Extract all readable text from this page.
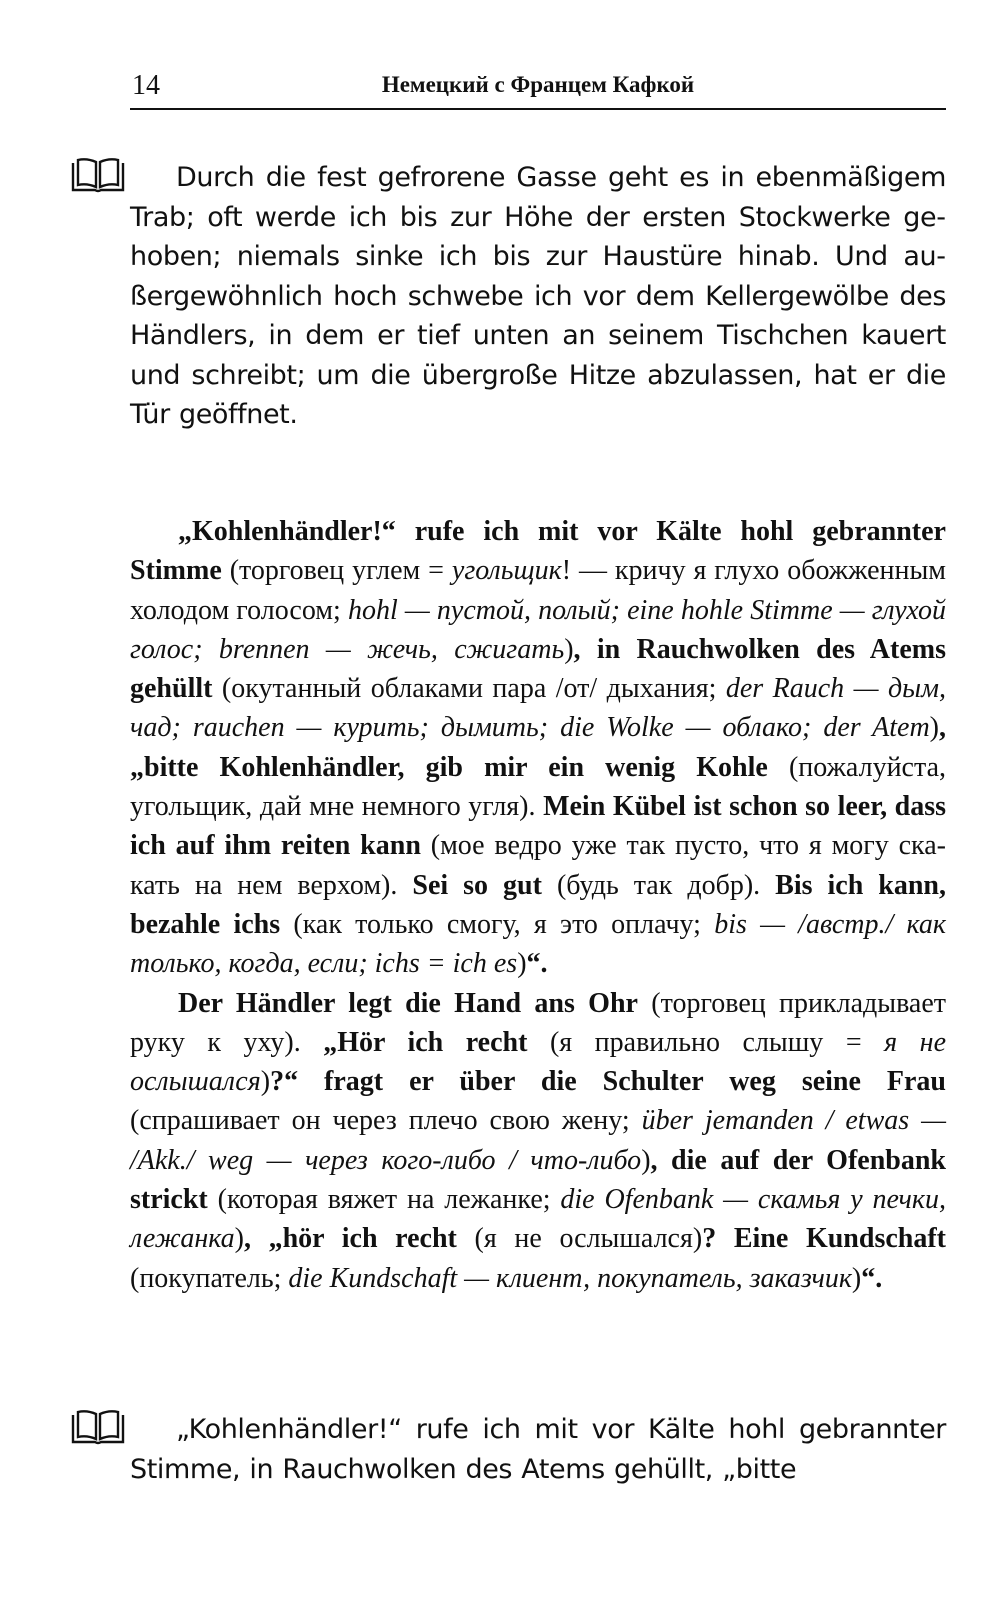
14	Немецкий с Францем Кафкой

Durch die fest gefrorene Gasse geht es in ebenmäßigem Trab; oft werde ich bis zur Höhe der ersten Stockwerke gehoben; niemals sinke ich bis zur Haustüre hinab. Und außergewöhnlich hoch schwebe ich vor dem Kellergewölbe des Händlers, in dem er tief unten an seinem Tischchen kauert und schreibt; um die übergroße Hitze abzulassen, hat er die Tür geöffnet.

„Kohlenhändler!“ rufe ich mit vor Kälte hohl gebrannter Stimme (торговец углем = угольщик! — кричу я глухо обожженным холодом голосом; hohl — пустой, полый; eine hohle Stimme — глухой голос; brennen — жечь, сжигать), in Rauchwolken des Atems gehüllt (окутанный облаками пара /от/ дыхания; der Rauch — дым, чад; rauchen — курить; дымить; die Wolke — облако; der Atem), „bitte Kohlenhändler, gib mir ein wenig Kohle (пожалуйста, угольщик, дай мне немного угля). Mein Kübel ist schon so leer, dass ich auf ihm reiten kann (мое ведро уже так пусто, что я могу скакать на нем верхом). Sei so gut (будь так добр). Bis ich kann, bezahle ichs (как только смогу, я это оплачу; bis — /австр./ как только, когда, если; ichs = ich es)“.

Der Händler legt die Hand ans Ohr (торговец прикладывает руку к уху). „Hör ich recht (я правильно слышу = я не ослышался)?“ fragt er über die Schulter weg seine Frau (спрашивает он через плечо свою жену; über jemanden / etwas — /Akk./ weg — через кого-либо / что-либо), die auf der Ofenbank strickt (которая вяжет на лежанке; die Ofenbank — скамья у печки, лежанка), „hör ich recht (я не ослышался)? Eine Kundschaft (покупатель; die Kundschaft — клиент, покупатель, заказчик)“.

„Kohlenhändler!“ rufe ich mit vor Kälte hohl gebrannter Stimme, in Rauchwolken des Atems gehüllt, „bitte
